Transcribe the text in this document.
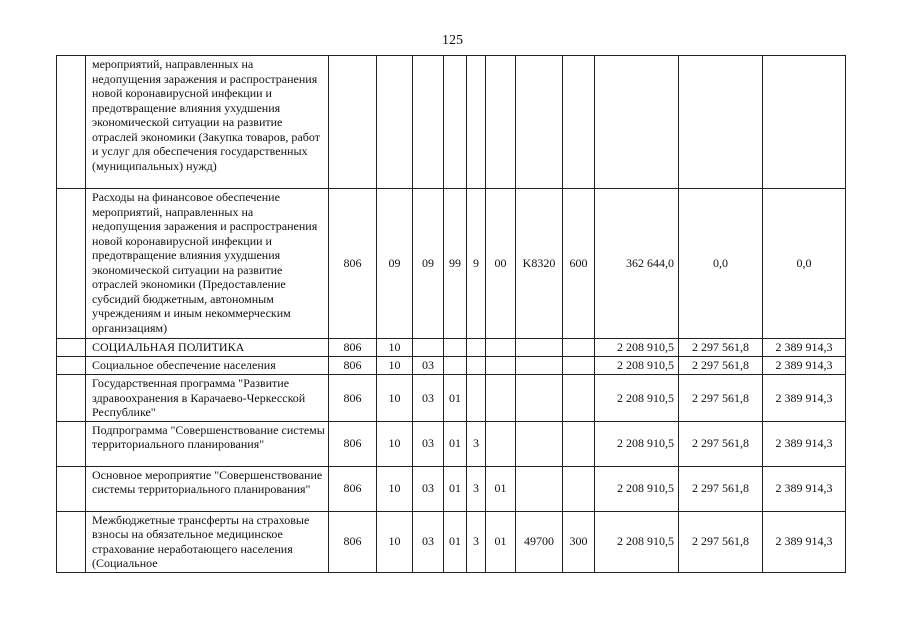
125
	мероприятий, направленных на недопущения заражения и распространения новой коронавирусной инфекции и предотвращение влияния ухудшения экономической ситуации на развитие отраслей экономики (Закупка товаров, работ и услуг для обеспечения государственных (муниципальных) нужд)											
	Расходы на финансовое обеспечение мероприятий, направленных на недопущения заражения и распространения новой коронавирусной инфекции и предотвращение влияния ухудшения экономической ситуации на развитие отраслей экономики (Предоставление субсидий бюджетным, автономным учреждениям и иным некоммерческим организациям)	806	09	09	99	9	00	K8320	600	362 644,0	0,0	0,0
	СОЦИАЛЬНАЯ ПОЛИТИКА	806	10							2 208 910,5	2 297 561,8	2 389 914,3
	Социальное обеспечение населения	806	10	03						2 208 910,5	2 297 561,8	2 389 914,3
	Государственная программа "Развитие здравоохранения в Карачаево-Черкесской Республике"	806	10	03	01					2 208 910,5	2 297 561,8	2 389 914,3
	Подпрограмма "Совершенствование системы территориального планирования"	806	10	03	01	3				2 208 910,5	2 297 561,8	2 389 914,3
	Основное мероприятие "Совершенствование системы территориального планирования"	806	10	03	01	3	01			2 208 910,5	2 297 561,8	2 389 914,3
	Межбюджетные трансферты на страховые взносы на обязательное медицинское страхование неработающего населения (Социальное	806	10	03	01	3	01	49700	300	2 208 910,5	2 297 561,8	2 389 914,3
